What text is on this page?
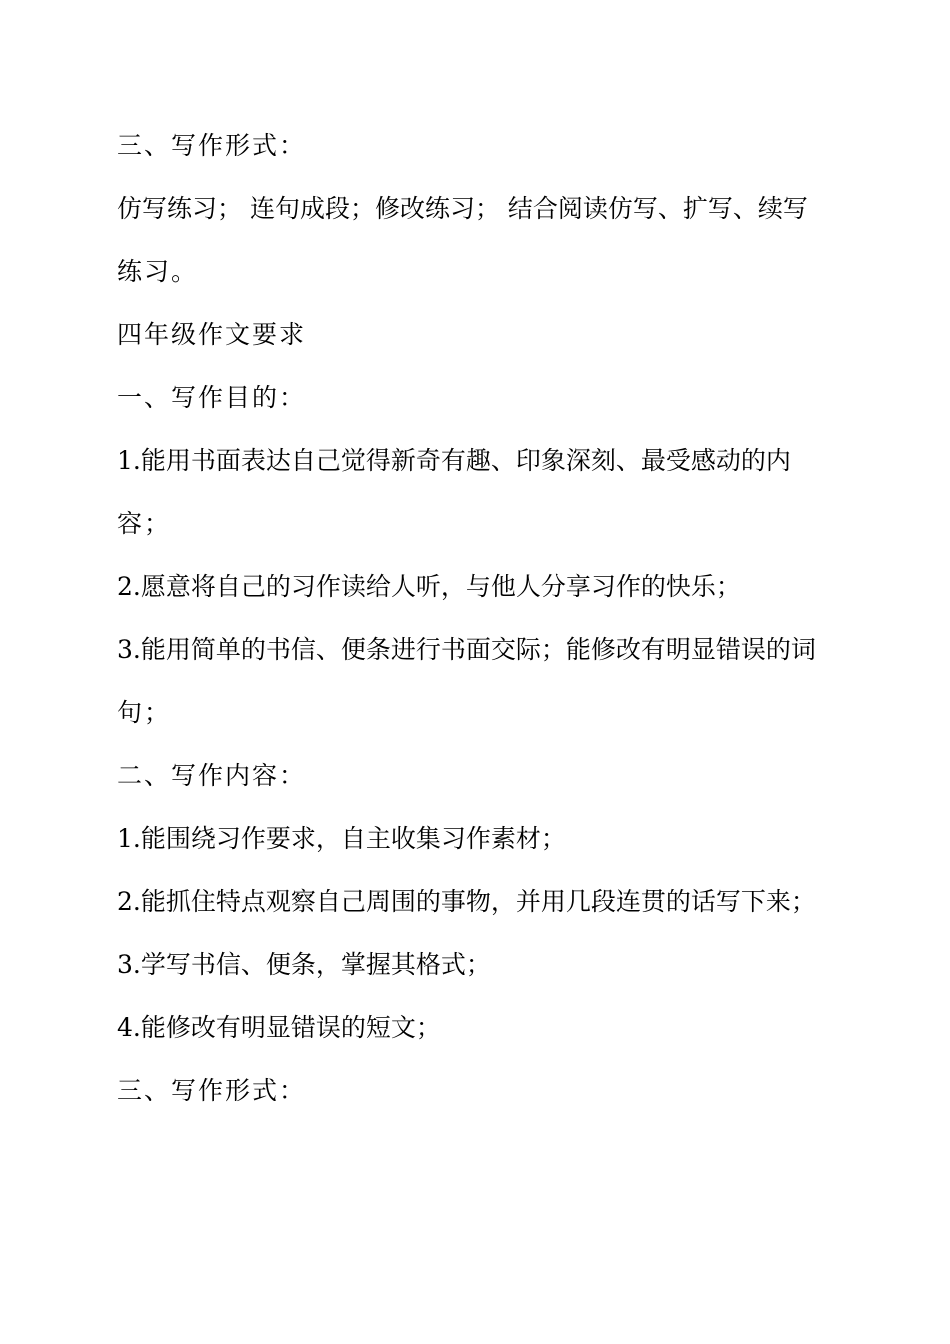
三、写作形式：
仿写练习； 连句成段；修改练习； 结合阅读仿写、扩写、续写
练习。
四年级作文要求
一、写作目的：
1.能用书面表达自己觉得新奇有趣、印象深刻、最受感动的内
容；
2.愿意将自己的习作读给人听，与他人分享习作的快乐；
3.能用简单的书信、便条进行书面交际；能修改有明显错误的词
句；
二、写作内容：
1.能围绕习作要求，自主收集习作素材；
2.能抓住特点观察自己周围的事物，并用几段连贯的话写下来；
3.学写书信、便条，掌握其格式；
4.能修改有明显错误的短文；
三、写作形式：
